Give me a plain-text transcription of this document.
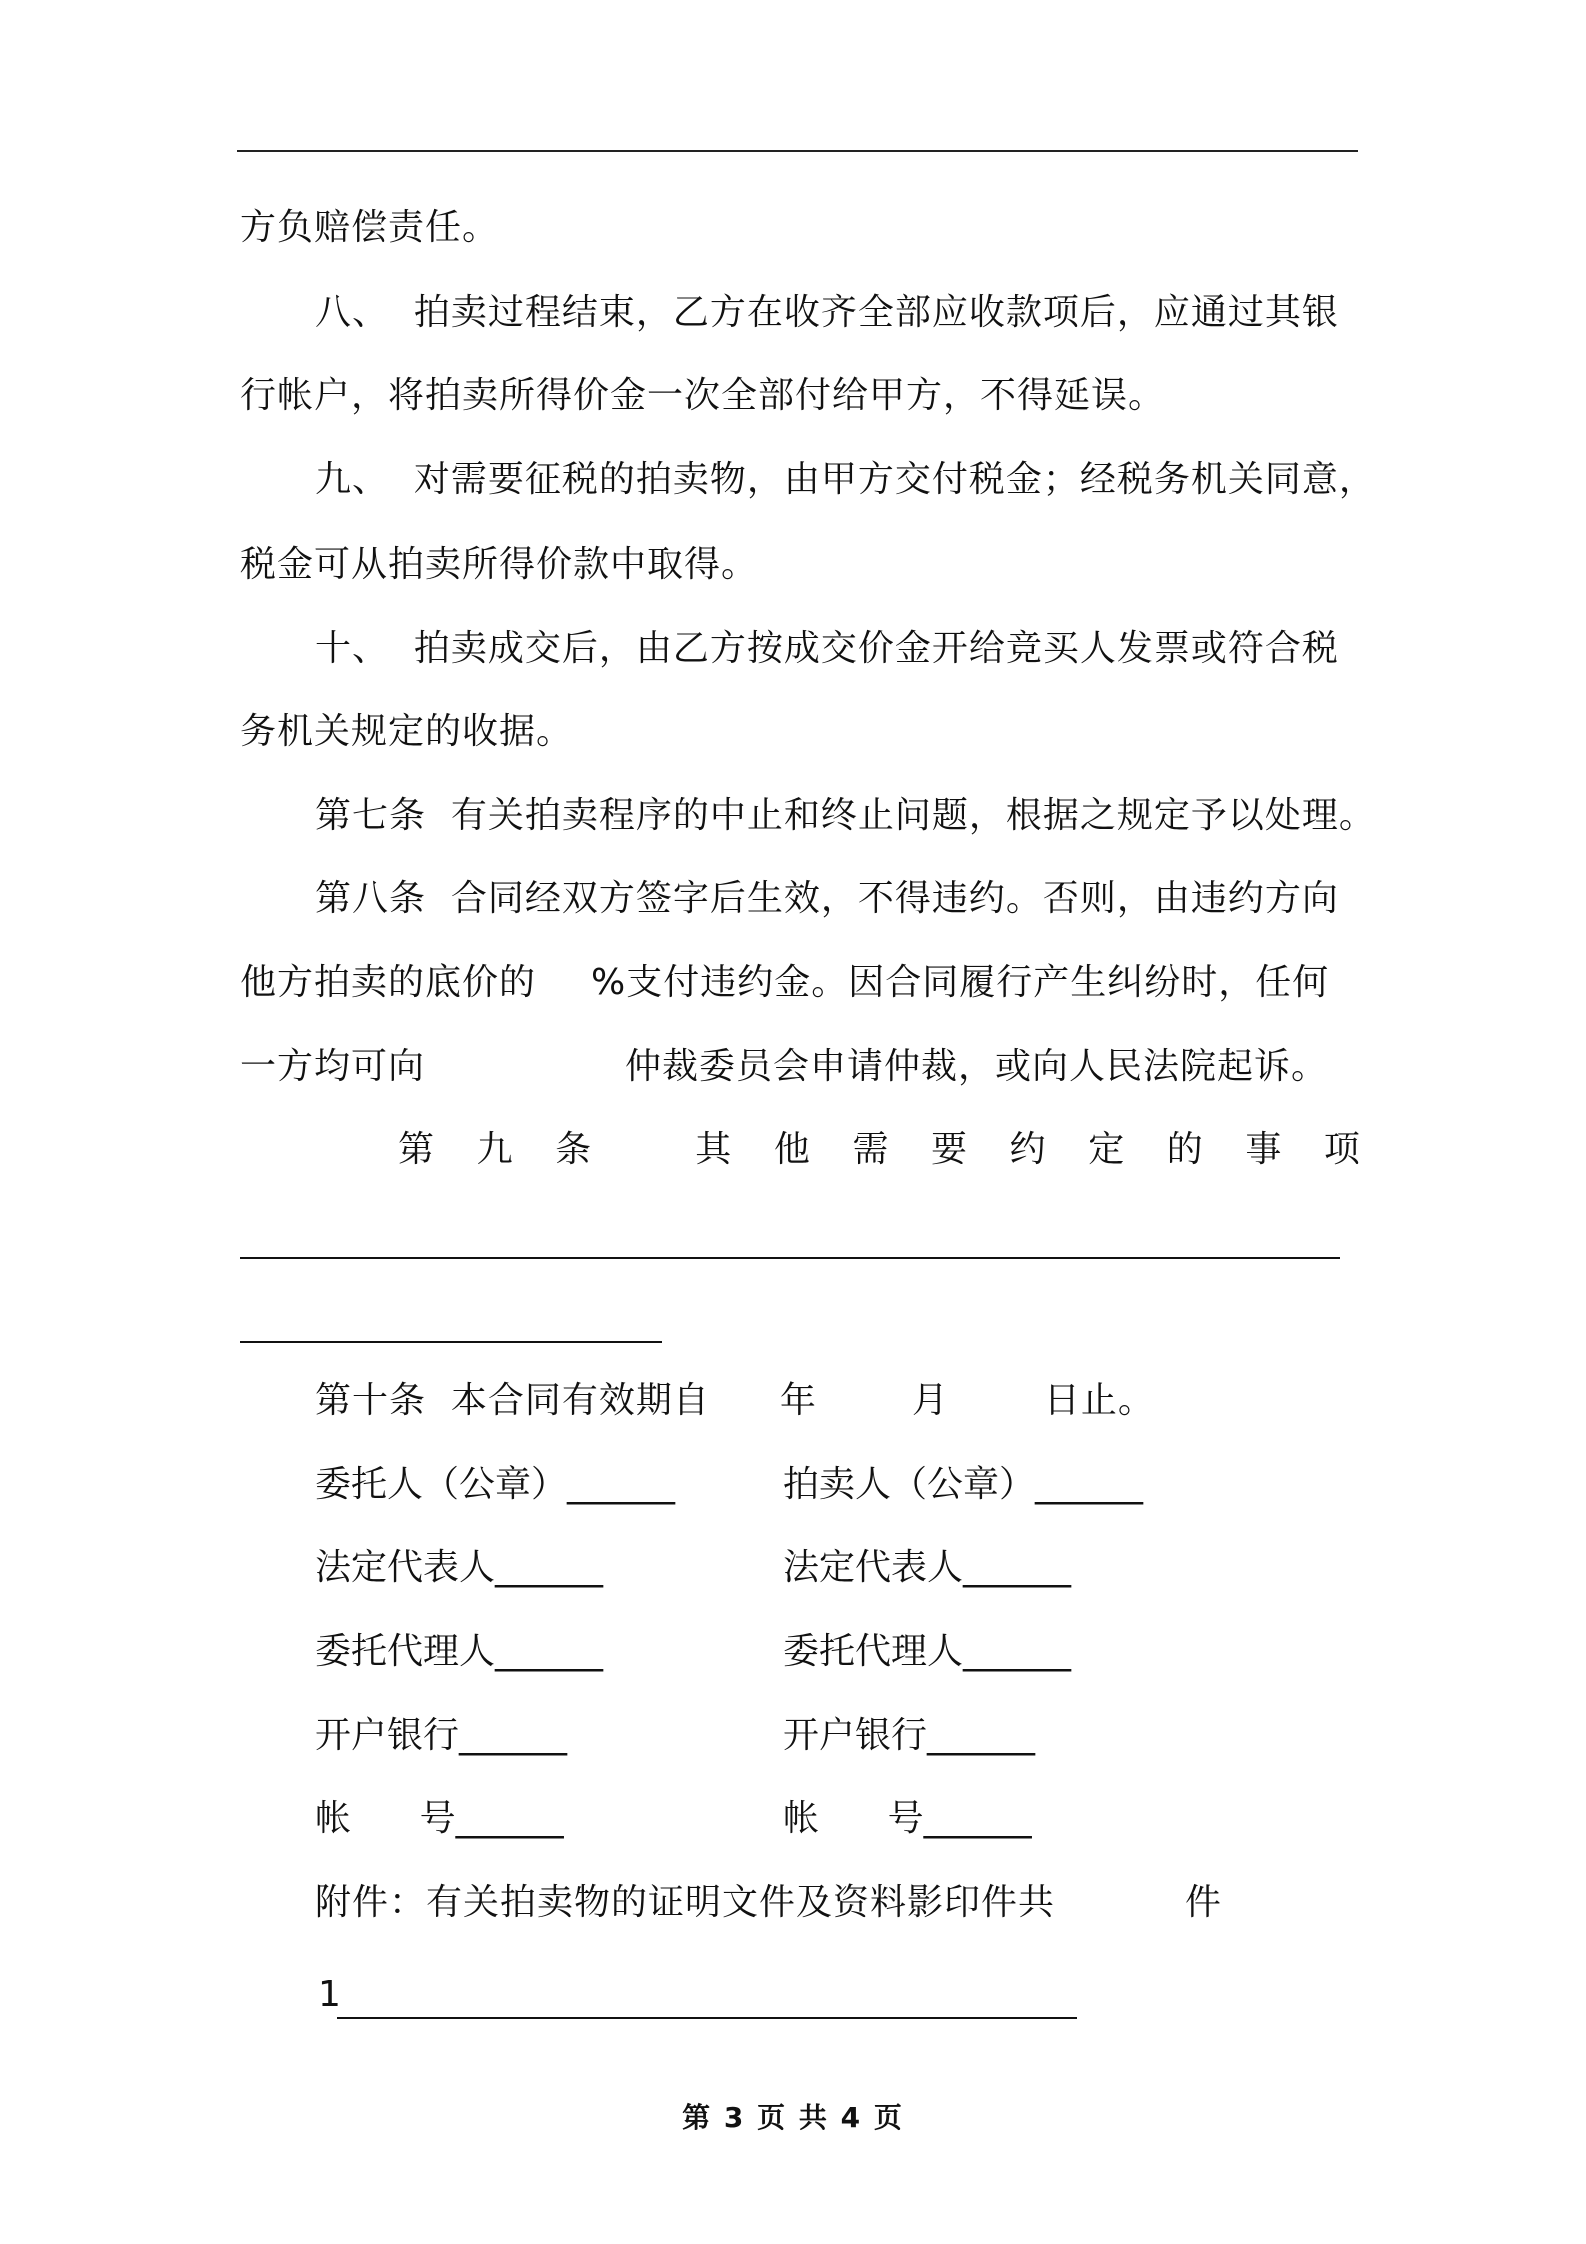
方负赔偿责任。
八、  拍卖过程结束，乙方在收齐全部应收款项后，应通过其银
行帐户，将拍卖所得价金一次全部付给甲方，不得延误。
九、  对需要征税的拍卖物，由甲方交付税金；经税务机关同意，
税金可从拍卖所得价款中取得。
十、  拍卖成交后，由乙方按成交价金开给竞买人发票或符合税
务机关规定的收据。
第七条  有关拍卖程序的中止和终止问题，根据之规定予以处理。
第八条  合同经双方签字后生效，不得违约。否则，由违约方向
他方拍卖的底价的 %支付违约金。因合同履行产生纠纷时，任何
一方均可向	仲裁委员会申请仲裁，或向人民法院起诉。
第 九 条	其 他 需 要 约 定 的 事 项
第十条  本合同有效期自 年	月	日止。
委托人（公章）______	拍卖人（公章）______
法定代表人______	法定代表人______
委托代理人______	委托代理人______
开户银行______	开户银行______
帐      号______	帐      号______
附件：有关拍卖物的证明文件及资料影印件共	件
1
第 3 页 共 4 页
